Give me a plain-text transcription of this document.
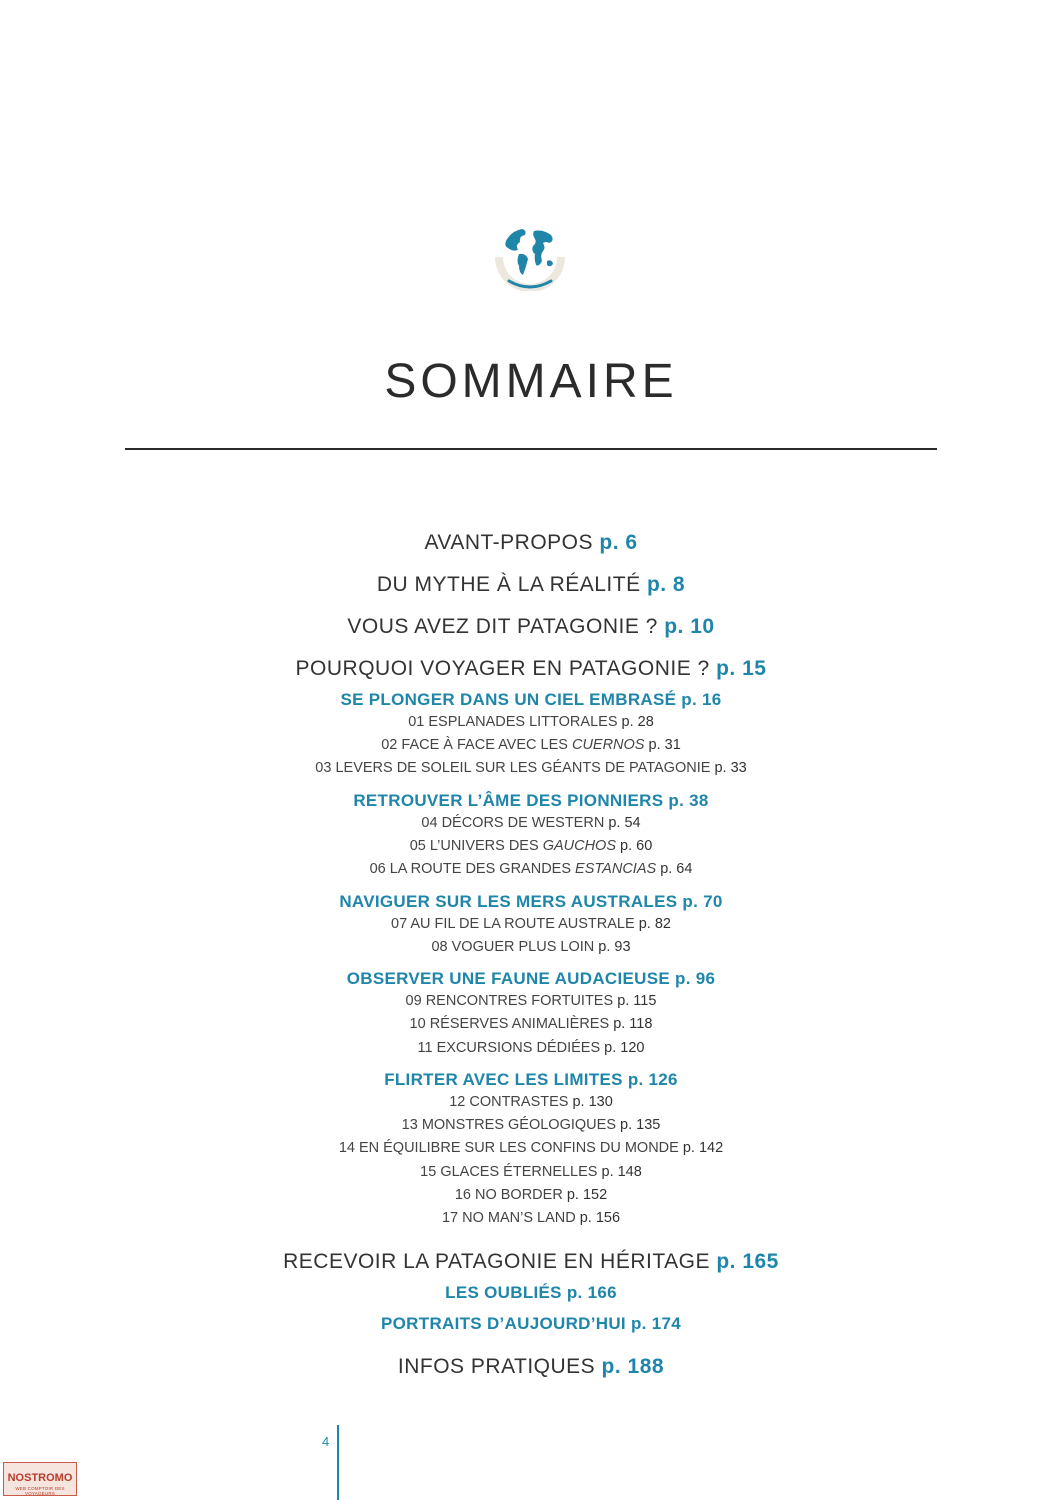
SOMMAIRE
AVANT-PROPOS p. 6
DU MYTHE À LA RÉALITÉ p. 8
VOUS AVEZ DIT PATAGONIE ? p. 10
POURQUOI VOYAGER EN PATAGONIE ? p. 15
SE PLONGER DANS UN CIEL EMBRASÉ p. 16
01 ESPLANADES LITTORALES p. 28
02 FACE À FACE AVEC LES CUERNOS p. 31
03 LEVERS DE SOLEIL SUR LES GÉANTS DE PATAGONIE p. 33
RETROUVER L’ÂME DES PIONNIERS p. 38
04 DÉCORS DE WESTERN p. 54
05 L’UNIVERS DES GAUCHOS p. 60
06 LA ROUTE DES GRANDES ESTANCIAS p. 64
NAVIGUER SUR LES MERS AUSTRALES p. 70
07 AU FIL DE LA ROUTE AUSTRALE p. 82
08 VOGUER PLUS LOIN p. 93
OBSERVER UNE FAUNE AUDACIEUSE p. 96
09 RENCONTRES FORTUITES p. 115
10 RÉSERVES ANIMALIÈRES p. 118
11 EXCURSIONS DÉDIÉES p. 120
FLIRTER AVEC LES LIMITES p. 126
12 CONTRASTES p. 130
13 MONSTRES GÉOLOGIQUES p. 135
14 EN ÉQUILIBRE SUR LES CONFINS DU MONDE p. 142
15 GLACES ÉTERNELLES p. 148
16 NO BORDER p. 152
17 NO MAN’S LAND p. 156
RECEVOIR LA PATAGONIE EN HÉRITAGE p. 165
LES OUBLIÉS p. 166
PORTRAITS D’AUJOURD’HUI p. 174
INFOS PRATIQUES p. 188
4
NOSTROMO
WEB COMPTOIR DES VOYAGEURS
